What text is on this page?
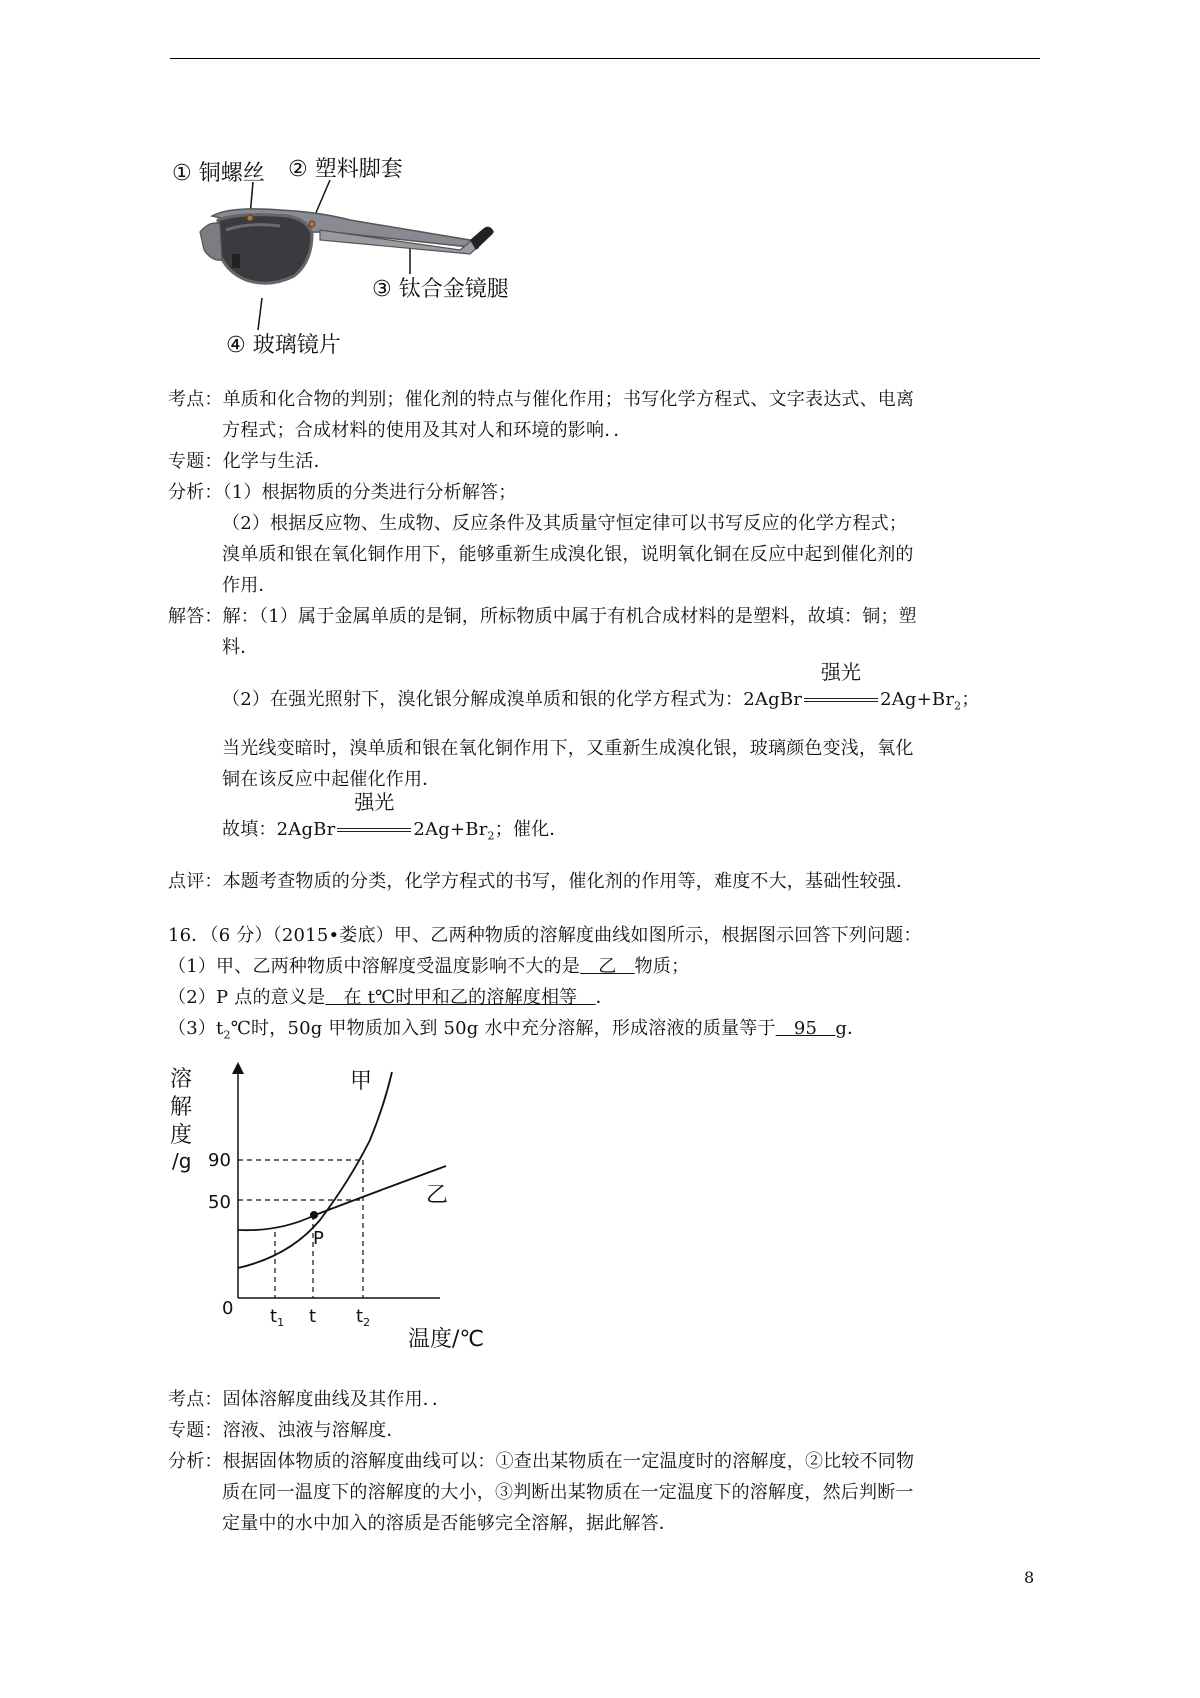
① 铜螺丝 ② 塑料脚套
③ 钛合金镜腿
④ 玻璃镜片
考点：单质和化合物的判别；催化剂的特点与催化作用；书写化学方程式、文字表达式、电离
方程式；合成材料的使用及其对人和环境的影响．．
专题：化学与生活．
分析：（1）根据物质的分类进行分析解答；
（2）根据反应物、生成物、反应条件及其质量守恒定律可以书写反应的化学方程式；
溴单质和银在氧化铜作用下，能够重新生成溴化银，说明氧化铜在反应中起到催化剂的
作用．
解答：解：（1）属于金属单质的是铜，所标物质中属于有机合成材料的是塑料，故填：铜；塑
料．
（2）在强光照射下，溴化银分解成溴单质和银的化学方程式为：2AgBr
强光
$2Ag+Br_2$；
当光线变暗时，溴单质和银在氧化铜作用下，又重新生成溴化银，玻璃颜色变浅，氧化
铜在该反应中起催化作用．
故填：2AgBr
强光
$2Ag+Br_2$；催化．
点评：本题考查物质的分类，化学方程式的书写，催化剂的作用等，难度不大，基础性较强．
16．（6 分）（2015•娄底）甲、乙两种物质的溶解度曲线如图所示，根据图示回答下列问题：
（1）甲、乙两种物质中溶解度受温度影响不大的是　乙　物质；
（2）P 点的意义是　在 t℃时甲和乙的溶解度相等　．
$(3)t_2℃$时，50g 甲物质加入到 50g 水中充分溶解，形成溶液的质量等于　95　g．
溶
解
度
/g 90
50
0
P
甲
乙
$t_1$ t $t_2$
温度/℃
考点：固体溶解度曲线及其作用．．
专题：溶液、浊液与溶解度．
分析：根据固体物质的溶解度曲线可以：①查出某物质在一定温度时的溶解度，②比较不同物
质在同一温度下的溶解度的大小，③判断出某物质在一定温度下的溶解度，然后判断一
定量中的水中加入的溶质是否能够完全溶解，据此解答．
8
